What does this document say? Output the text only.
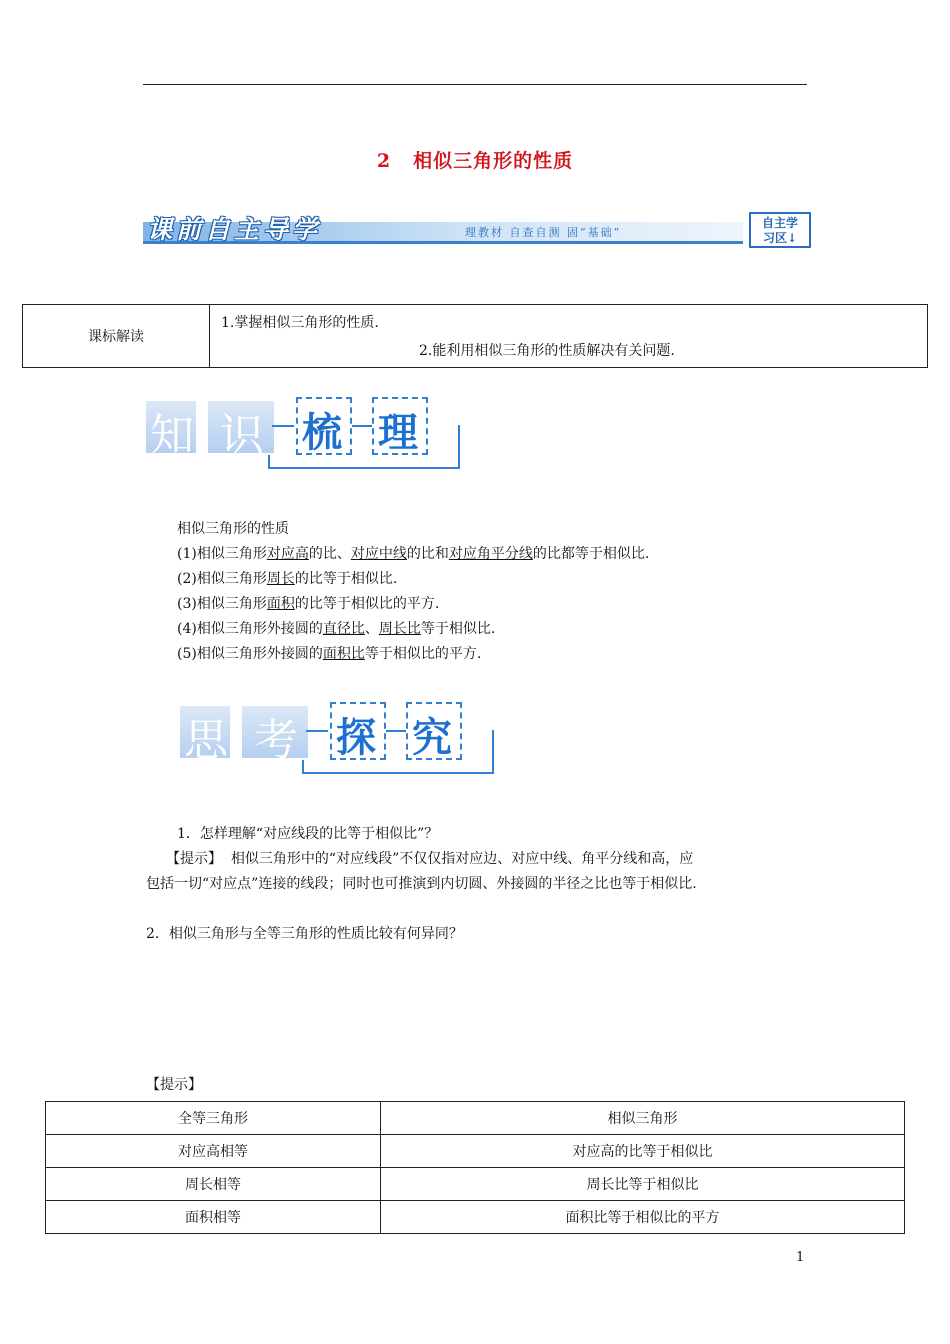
2 相似三角形的性质
课前自主导学	理教材 自查自测 固“基础”
自主学
习区↓
课标解读	
1.掌握相似三角形的性质.
2.能利用相似三角形的性质解决有关问题.
知 识 梳 理
相似三角形的性质
(1)相似三角形对应高的比、对应中线的比和对应角平分线的比都等于相似比.
(2)相似三角形周长的比等于相似比.
(3)相似三角形面积的比等于相似比的平方.
(4)相似三角形外接圆的直径比、周长比等于相似比.
(5)相似三角形外接圆的面积比等于相似比的平方.
思 考 探 究
1．怎样理解“对应线段的比等于相似比”？
【提示】 相似三角形中的“对应线段”不仅仅指对应边、对应中线、角平分线和高，应
包括一切“对应点”连接的线段；同时也可推演到内切圆、外接圆的半径之比也等于相似比.
2．相似三角形与全等三角形的性质比较有何异同？
【提示】
全等三角形	相似三角形
对应高相等	对应高的比等于相似比
周长相等	周长比等于相似比
面积相等	面积比等于相似比的平方
1
